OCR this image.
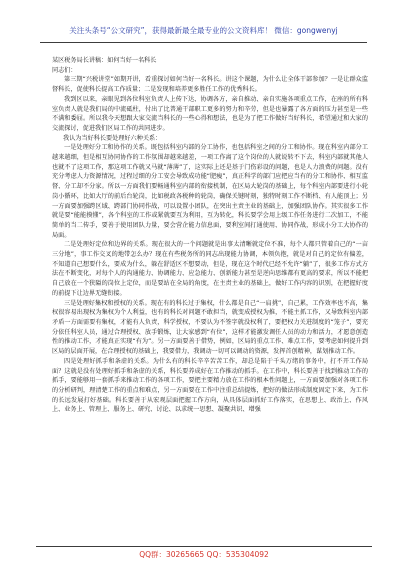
关注头条号“公文研究”，获得最新最全最专业的公文资料库！ 微信：gongwenyj

某区税务局长讲稿：如何当好一名科长

同志们：

第三期“兴税讲堂”如期开讲，看重探讨如何当好一名科长。讲这个课题，为什么让全体干部参加？一是让群众监督科长，促使科长提高工作质量；二是发现和培养更多胜任工作的优秀科长。

我到区以来，亲眼见到各位科室负责人上传下达、协调各方，亲自推动、亲自实施各项重点工作，在座的所有科室负责人就是我们局的中流砥柱，付出了比普通干部职工更多的努力和辛劳，但是也暴露了各方面的压力甚至是一些不满和委屈。所以我今天想跟大家交流当科长的一些心得和想法，也是为了把工作做好当好科长，希望通过和大家的交流探讨，促进我们区局工作的共同进步。

我认为当好科长要处理好六种关系：

一是处理好分工和协作的关系。既包括科室内部的分工协作，也包括科室之间的分工和协作。现在科室内部分工越来越细，但是相互协同协作的工作氛围却越来越差，一项工作离了这个岗位的人就说转不下去，科室内部就其他人也就不了这项工作，那这项工作就又马就“薄薄”了，这实际上还是基于门伤彩设的问题，也是人力浪费的问题。没有充分考虑人力资源情况，过程过细的分工安会导致成功能“肥瘦”，真正科学的部门应把应当有的分工和协作、相互监督、分工却不分家。所以一方面我们要畅通科室内部的衔接机制，在区局大轮岗的基础上，每个科室内部要进行小轮岗小循环，比如大厅的前后台轮岗，比如税政各税种的轮岗，确保关键时刻，独特时刻工作不断档、有人能顶上；另一方面要加强跨区域、跨部门协同作战，可以设置小团队，在突出主责主业的基础上，加强团队协作。其实很多工作就是要“能能摸懂”，各个科室的工作或紧就要互为利用，互为转化，科长要学会用上级工作任务进行二次加工，不能简单的当二传手，要善于使用团队力量，要会营企能力信息面，要利室间打通使用、协同作战，形成小分工大协作的局面。

二是处理好定位和边界的关系。现在很大的一个问题就是出事太清晰就定位不准，每个人都只管着自己的“一亩三分地”，事工作交叉的地带怎么办？现在有些税务所的同志出现能力协调，本领负抱，就是对自己的定位有偏差，不知道自己想要什么，要成为什么，躲在舒适区不想要动，但是，现在这个时代已经不允许“躺”了，很多工作方式方法在不断变化，对每个人的沟通能力、协调能力、应急能力、创新能力甚至是逆向思维都有更高的要求，所以不能把自己放在一个狭隘的岗位上定位，而是要站在全局的角度，在主责主业的基础上，做好工作内容的识别，在把握好度的前提下让边界无缝衔接。

三是处理好集权和授权的关系。现在有的科长过于集权，什么都是自己“一肩挑”，自己累，工作效率也不高，集权很容易出现权为集权为个人利益，也有的科长对问题不敢担当，就变成授权为推，不能主抓工作，又导致科室内部矛盾一方面需要有集权，才能有人负责，科学授权，不要认为不签字就没权利了，要把权力关进制度的“笼子”，要充分依任科室人员，通过合理授权、放手锻炼，让大家感到“有位”，这样才能激发调任人员的动力和活力，才愿意创造性的推动工作，才能真正实现“有为”。另一方面要善于借势，例如，区局的重点工作、难点工作，要考虑如何提升到区局的层面开展，在合理授权的基础上，我要借力，我调动一切可以调动的资源，发挥首创精神，谋划推动工作。

四是处理好抓手和条虚的关系。为什么有的科长辛辛苦苦工作，却总是陷于千头万绪的事务中，打不开工作局面？这就是没有处理好抓手和条虚的关系，科长要养成好在工作推动的抓手。在工作中，科长要善于找到推动工作的抓手，要能够用一套抓手来推动工作的各项工作，要把主要精力放在工作的根本性问题上，一方面要加强对各项工作的分析研判，理清楚工作的重点和难点，另一方面要在工作中注重总结提炼，把好的做法形成制度固定下来，为工作的长远发展打好基础。科长要善于从宏观层面把握工作方向，从具体层面抓好工作落实，在思想上、政治上、作风上、业务上、管理上、服务上、研究、讨论、以求统一思想、凝聚共识、增强

QQ群：30265665 QQ：535304092
